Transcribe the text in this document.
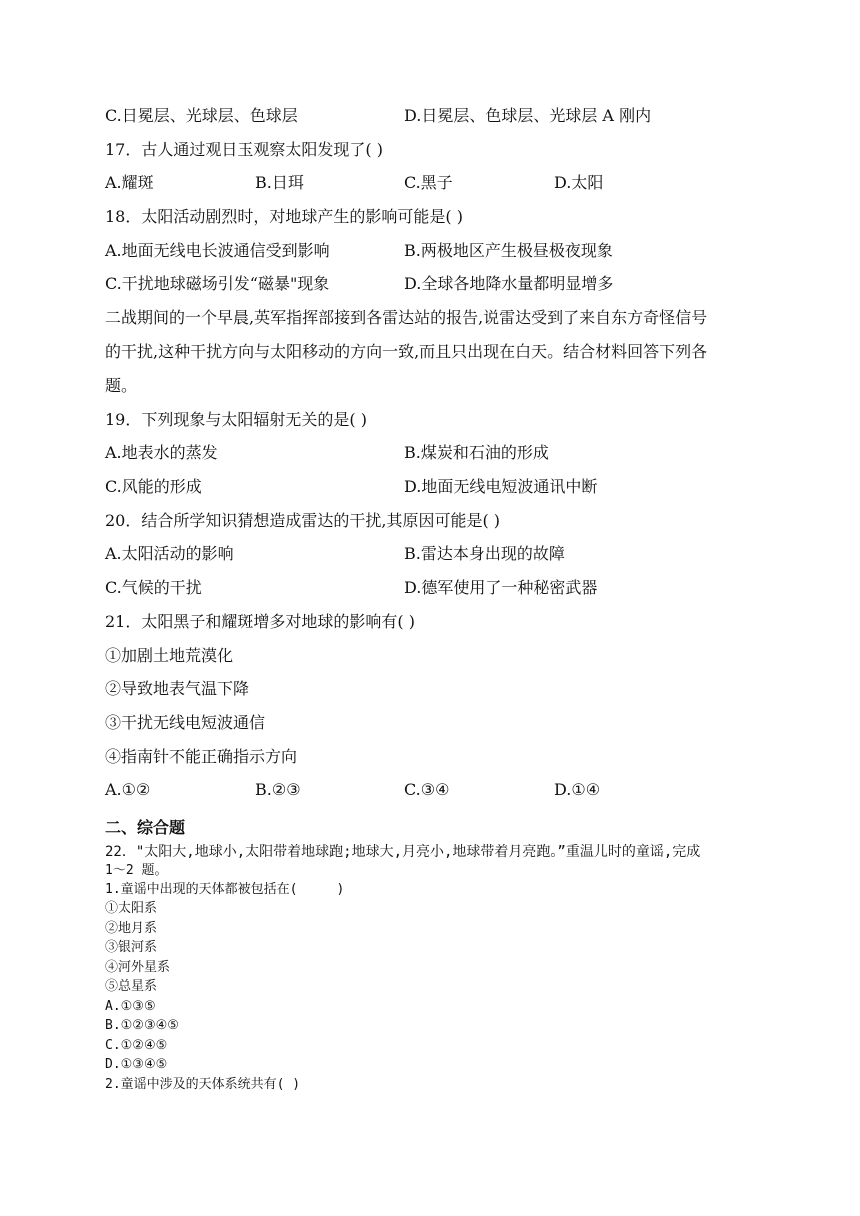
C.日冕层、光球层、色球层	D.日冕层、色球层、光球层 A 刚内
17．古人通过观日玉观察太阳发现了( )
A.耀斑	B.日珥	C.黑子	D.太阳
18．太阳活动剧烈时，对地球产生的影响可能是( )
A.地面无线电长波通信受到影响	B.两极地区产生极昼极夜现象
C.干扰地球磁场引发“磁暴"现象	D.全球各地降水量都明显增多
二战期间的一个早晨,英军指挥部接到各雷达站的报告,说雷达受到了来自东方奇怪信号
的干扰,这种干扰方向与太阳移动的方向一致,而且只出现在白天。结合材料回答下列各
题。
19．下列现象与太阳辐射无关的是( )
A.地表水的蒸发	B.煤炭和石油的形成
C.风能的形成	D.地面无线电短波通讯中断
20．结合所学知识猜想造成雷达的干扰,其原因可能是( )
A.太阳活动的影响	B.雷达本身出现的故障
C.气候的干扰	D.德军使用了一种秘密武器
21．太阳黑子和耀斑增多对地球的影响有( )
①加剧土地荒漠化
②导致地表气温下降
③干扰无线电短波通信
④指南针不能正确指示方向
A.①②	B.②③	C.③④	D.①④
二、综合题
22．"太阳大,地球小,太阳带着地球跑;地球大,月亮小,地球带着月亮跑。”重温儿时的童谣,完成
1〜2 题。
1.童谣中出现的天体都被包括在(　　　)
①太阳系
②地月系
③银河系
④河外星系
⑤总星系
A.①③⑤
B.①②③④⑤
C.①②④⑤
D.①③④⑤
2.童谣中涉及的天体系统共有( )
